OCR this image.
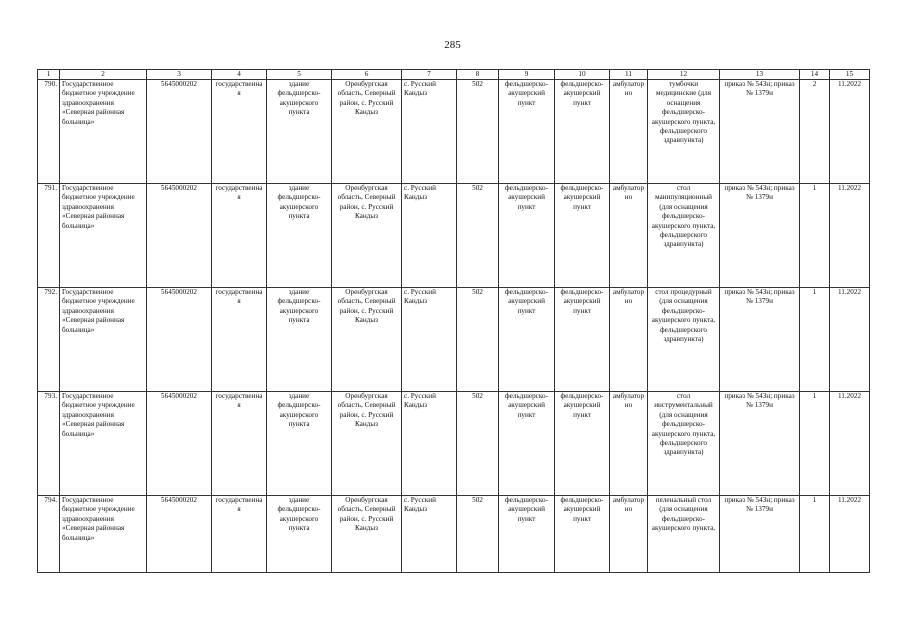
285
1	2	3	4	5	6	7	8	9	10	11	12	13	14	15
790.	Государственное бюджетное учреждение здравоохранения «Северная районная больница»	5645000202	государственная	здание фельдшерско-акушерского пункта	Оренбургская область, Северный район, с. Русский Кандыз	с. Русский Кандыз	502	фельдшерско-акушерский пункт	фельдшерско-акушерский пункт	амбулаторно	тумбочки медицинские (для оснащения фельдшерско-акушерского пункта, фельдшерского здравпункта)	приказ № 543н; приказ № 1379н	2	11.2022
791.	Государственное бюджетное учреждение здравоохранения «Северная районная больница»	5645000202	государственная	здание фельдшерско-акушерского пункта	Оренбургская область, Северный район, с. Русский Кандыз	с. Русский Кандыз	502	фельдшерско-акушерский пункт	фельдшерско-акушерский пункт	амбулаторно	стол манипуляционный (для оснащения фельдшерско-акушерского пункта, фельдшерского здравпункта)	приказ № 543н; приказ № 1379н	1	11.2022
792.	Государственное бюджетное учреждение здравоохранения «Северная районная больница»	5645000202	государственная	здание фельдшерско-акушерского пункта	Оренбургская область, Северный район, с. Русский Кандыз	с. Русский Кандыз	502	фельдшерско-акушерский пункт	фельдшерско-акушерский пункт	амбулаторно	стол процедурный (для оснащения фельдшерско-акушерского пункта, фельдшерского здравпункта)	приказ № 543н; приказ № 1379н	1	11.2022
793.	Государственное бюджетное учреждение здравоохранения «Северная районная больница»	5645000202	государственная	здание фельдшерско-акушерского пункта	Оренбургская область, Северный район, с. Русский Кандыз	с. Русский Кандыз	502	фельдшерско-акушерский пункт	фельдшерско-акушерский пункт	амбулаторно	стол инструментальный (для оснащения фельдшерско-акушерского пункта, фельдшерского здравпункта)	приказ № 543н; приказ № 1379н	1	11.2022
794.	Государственное бюджетное учреждение здравоохранения «Северная районная больница»	5645000202	государственная	здание фельдшерско-акушерского пункта	Оренбургская область, Северный район, с. Русский Кандыз	с. Русский Кандыз	502	фельдшерско-акушерский пункт	фельдшерско-акушерский пункт	амбулаторно	пеленальный стол (для оснащения фельдшерско-акушерского пункта,	приказ № 543н; приказ № 1379н	1	11.2022
